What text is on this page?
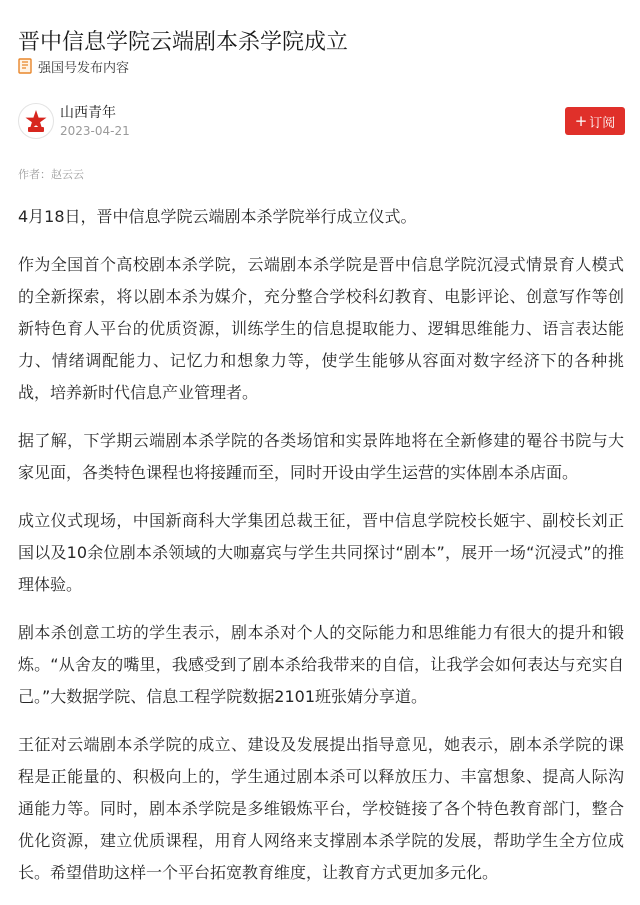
晋中信息学院云端剧本杀学院成立
强国号发布内容
山西青年
2023-04-21
+ 订阅
作者：赵云云

4月18日，晋中信息学院云端剧本杀学院举行成立仪式。

作为全国首个高校剧本杀学院，云端剧本杀学院是晋中信息学院沉浸式情景育人模式的全新探索，将以剧本杀为媒介，充分整合学校科幻教育、电影评论、创意写作等创新特色育人平台的优质资源，训练学生的信息提取能力、逻辑思维能力、语言表达能力、情绪调配能力、记忆力和想象力等，使学生能够从容面对数字经济下的各种挑战，培养新时代信息产业管理者。

据了解，下学期云端剧本杀学院的各类场馆和实景阵地将在全新修建的罨谷书院与大家见面，各类特色课程也将接踵而至，同时开设由学生运营的实体剧本杀店面。

成立仪式现场，中国新商科大学集团总裁王征，晋中信息学院校长姬宇、副校长刘正国以及10余位剧本杀领域的大咖嘉宾与学生共同探讨“剧本”，展开一场“沉浸式”的推理体验。

剧本杀创意工坊的学生表示，剧本杀对个人的交际能力和思维能力有很大的提升和锻炼。“从舍友的嘴里，我感受到了剧本杀给我带来的自信，让我学会如何表达与充实自己。”大数据学院、信息工程学院数据2101班张婧分享道。

王征对云端剧本杀学院的成立、建设及发展提出指导意见，她表示，剧本杀学院的课程是正能量的、积极向上的，学生通过剧本杀可以释放压力、丰富想象、提高人际沟通能力等。同时，剧本杀学院是多维锻炼平台，学校链接了各个特色教育部门，整合优化资源，建立优质课程，用育人网络来支撑剧本杀学院的发展，帮助学生全方位成长。希望借助这样一个平台拓宽教育维度，让教育方式更加多元化。
